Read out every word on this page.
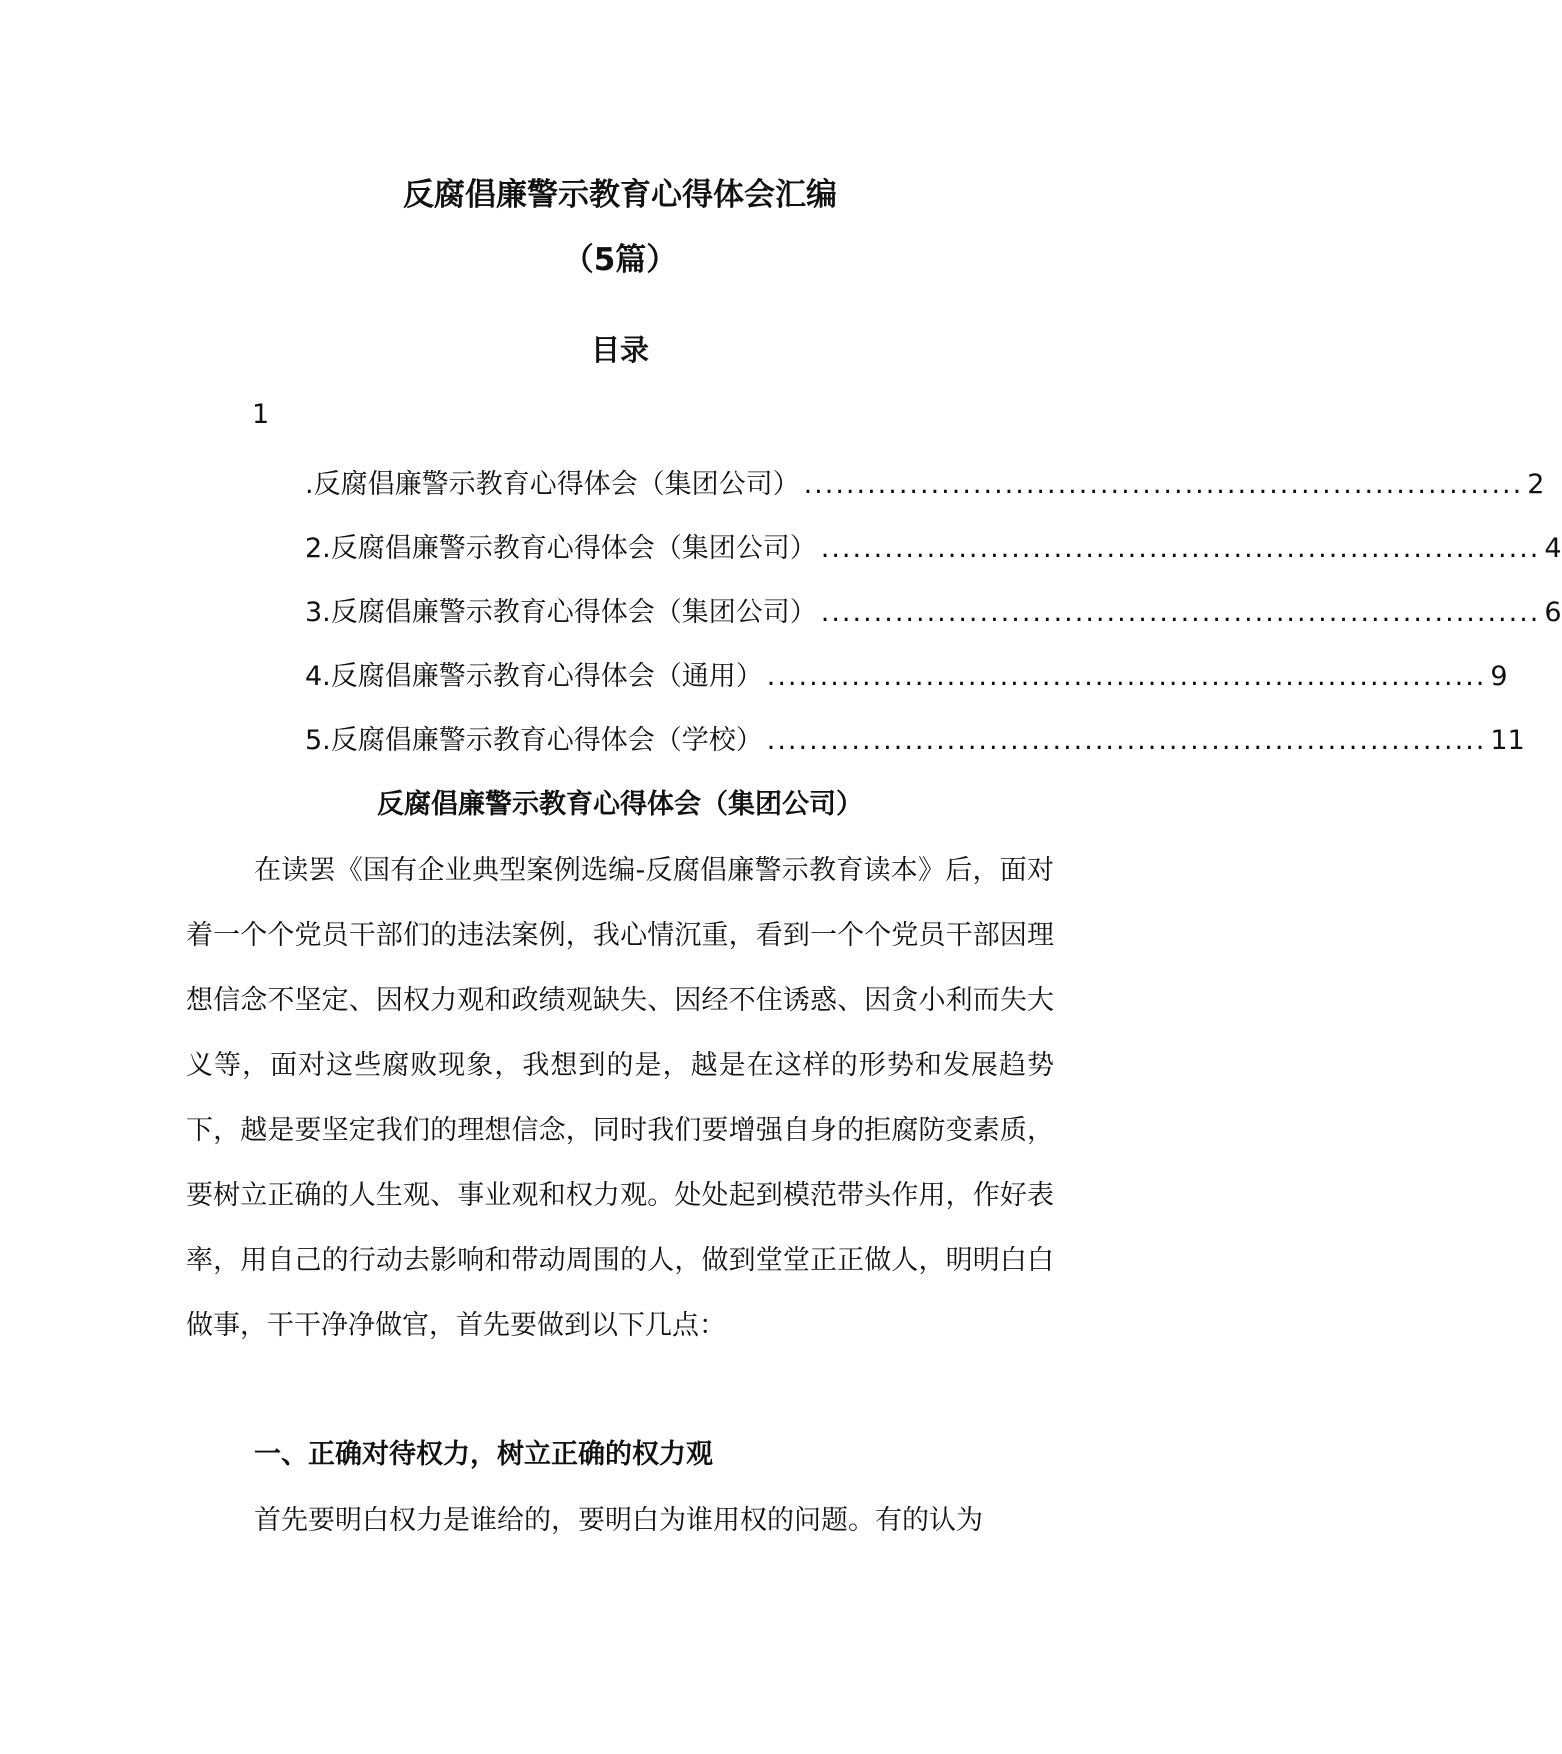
反腐倡廉警示教育心得体会汇编
（5篇）
目录
1
.反腐倡廉警示教育心得体会（集团公司） .................................................................... 2
2.反腐倡廉警示教育心得体会（集团公司） .................................................................... 4
3.反腐倡廉警示教育心得体会（集团公司） .................................................................... 6
4.反腐倡廉警示教育心得体会（通用） .................................................................... 9
5.反腐倡廉警示教育心得体会（学校） .................................................................... 11
反腐倡廉警示教育心得体会（集团公司）

在读罢《国有企业典型案例选编-反腐倡廉警示教育读本》后，面对着一个个党员干部们的违法案例，我心情沉重，看到一个个党员干部因理想信念不坚定、因权力观和政绩观缺失、因经不住诱惑、因贪小利而失大义等，面对这些腐败现象，我想到的是，越是在这样的形势和发展趋势下，越是要坚定我们的理想信念，同时我们要增强自身的拒腐防变素质，要树立正确的人生观、事业观和权力观。处处起到模范带头作用，作好表率，用自己的行动去影响和带动周围的人，做到堂堂正正做人，明明白白做事，干干净净做官，首先要做到以下几点：

一、正确对待权力，树立正确的权力观

首先要明白权力是谁给的，要明白为谁用权的问题。有的认为
